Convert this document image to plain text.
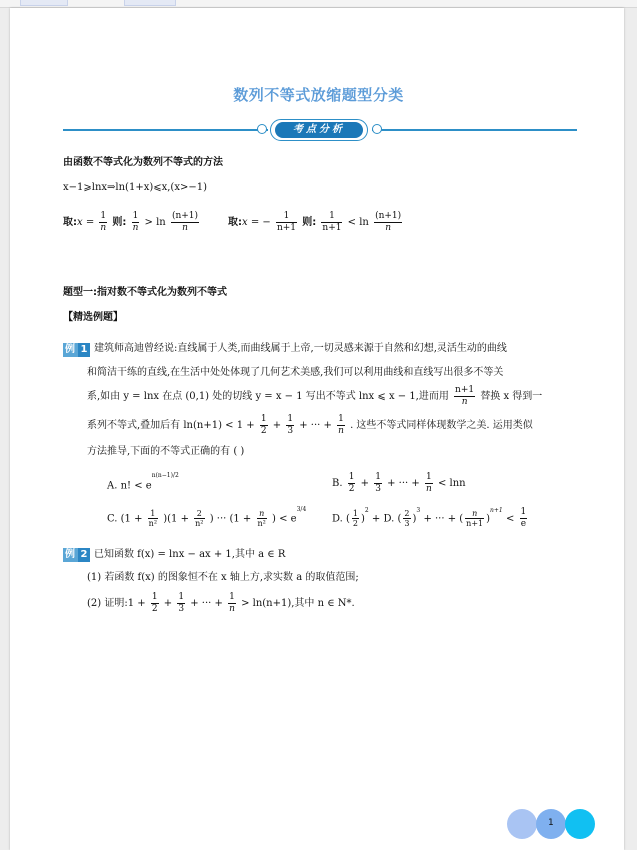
数列不等式放缩题型分类
考点分析
由函数不等式化为数列不等式的方法
x−1⩾lnx⇒ln(1+x)⩽x,(x>−1)
取:x = $\frac{1}{n}$ 则: $\frac{1}{n} > \ln \frac{(n+1)}{n}$	取:x = − $\frac{1}{n+1}$ 则: $\frac{1}{n+1} < \ln \frac{(n+1)}{n}$
题型一:指对数不等式化为数列不等式
【精选例题】
例 1 建筑师高迪曾经说:直线属于人类,而曲线属于上帝,一切灵感来源于自然和幻想,灵活生动的曲线
和简洁干练的直线,在生活中处处体现了几何艺术美感,我们可以利用曲线和直线写出很多不等关
系,如由 y = lnx 在点 (0,1) 处的切线 y = x − 1 写出不等式 lnx ⩽ x − 1,进而用 $\frac{n+1}{n}$ 替换 x 得到一
系列不等式,叠加后有 $\ln(n+1) < 1 + \frac{1}{2} + \frac{1}{3}$ + ··· + $\frac{1}{n}$ . 这些不等式同样体现数学之美. 运用类似
方法推导,下面的不等式正确的有 ( )
A. n! < $e^{n(n-1)/2}$
B. $\frac{1}{2} + \frac{1}{3}$ + ··· + $\frac{1}{n} < \ln n$
C. $(1 + \frac{1}{\text{n²}} )(1 + \frac{2}{\text{n²}}$ ) ··· ($1 + \frac{n}{\text{n²}}$ ) < $e^{3/4}$
D. ( $\frac{1}{2} )^2 + D$. ( $\frac{2}{3} )^3$ + ··· + ( $\frac{n}{n+1} )^{n+1} < \frac{1}{e}$
例 2 已知函数 f(x) = lnx − ax + 1,其中 a ∈ R
(1) 若函数 f(x) 的图象恒不在 x 轴上方,求实数 a 的取值范围;
(2) 证明:1 + $\frac{1}{2} + \frac{1}{3}$ + ··· + $\frac{1}{n} > \ln(n+1)$,其中 n ∈ N*.
1
